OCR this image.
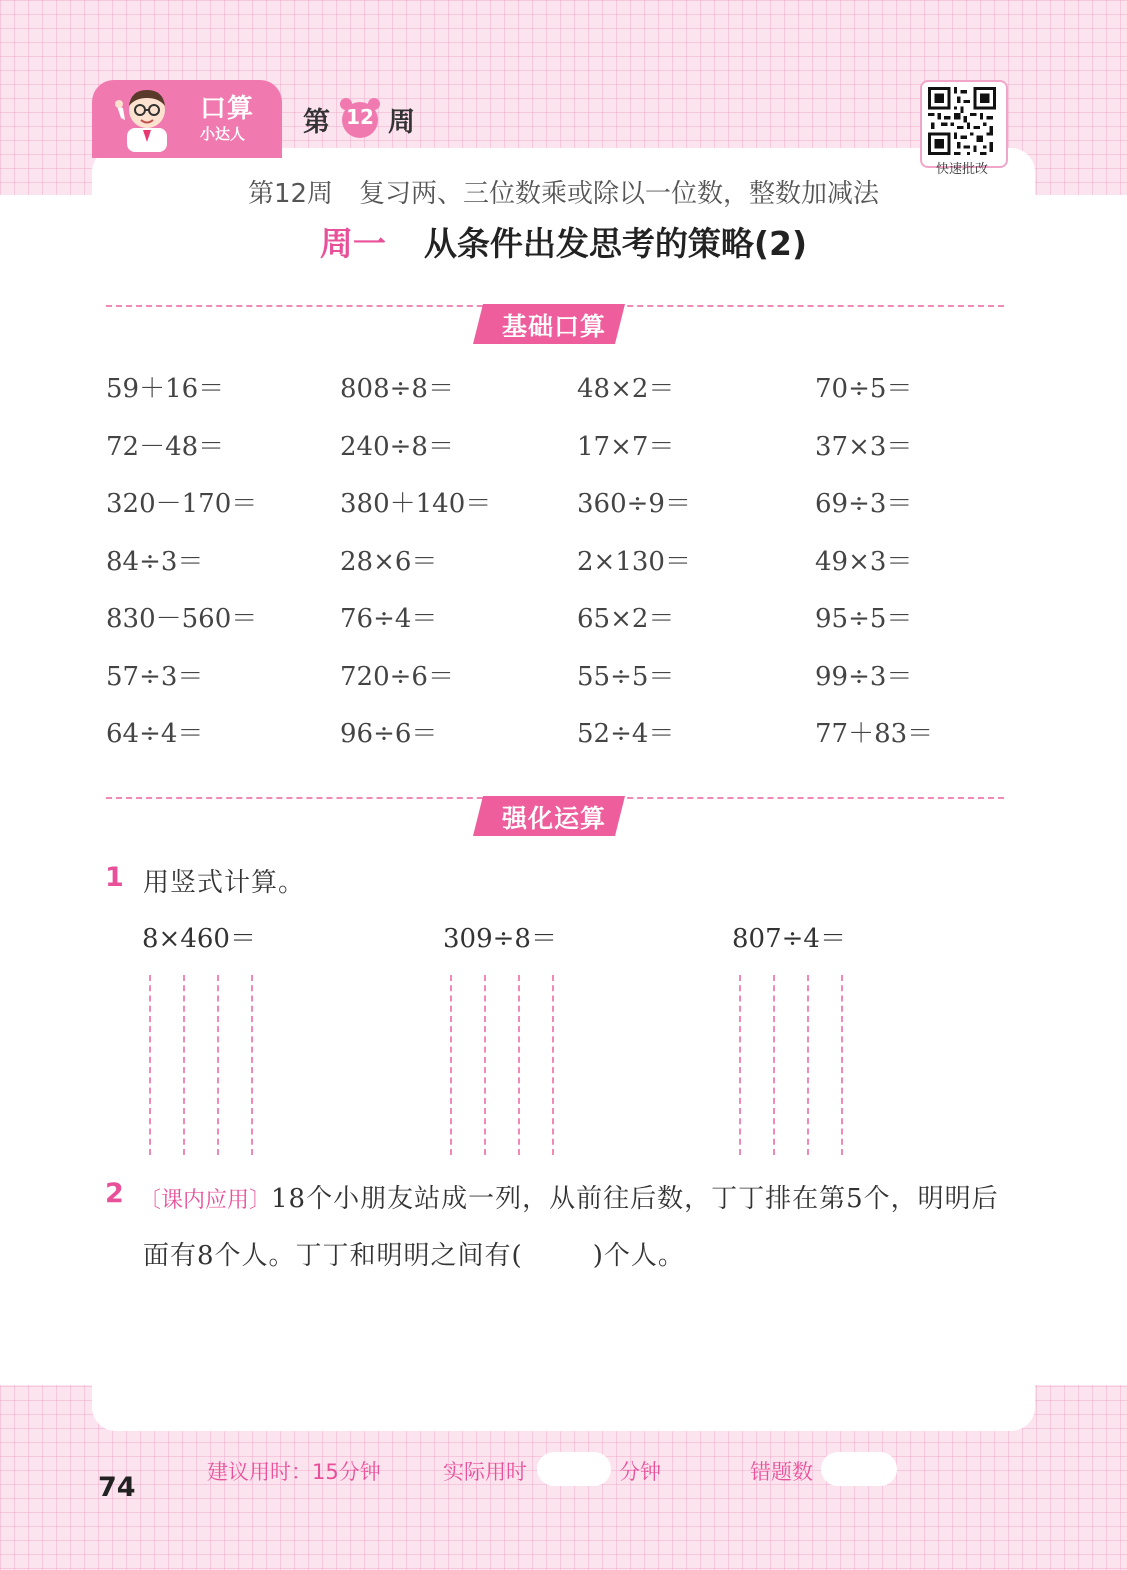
口算
小达人 第 12 周
快速批改
第12周　复习两、三位数乘或除以一位数，整数加减法
周一 从条件出发思考的策略(2)
基础口算
59＋16＝	808÷8＝	48×2＝	70÷5＝
72－48＝	240÷8＝	17×7＝	37×3＝
320－170＝	380＋140＝	360÷9＝	69÷3＝
84÷3＝	28×6＝	2×130＝	49×3＝
830－560＝	76÷4＝	65×2＝	95÷5＝
57÷3＝	720÷6＝	55÷5＝	99÷3＝
64÷4＝	96÷6＝	52÷4＝	77＋83＝
强化运算
1 用竖式计算。
8×460＝	309÷8＝	807÷4＝
2 〔课内应用〕18个小朋友站成一列，从前往后数，丁丁排在第5个，明明后
面有8个人。丁丁和明明之间有(	)个人。
建议用时：15分钟	实际用时	分钟	错题数
74
